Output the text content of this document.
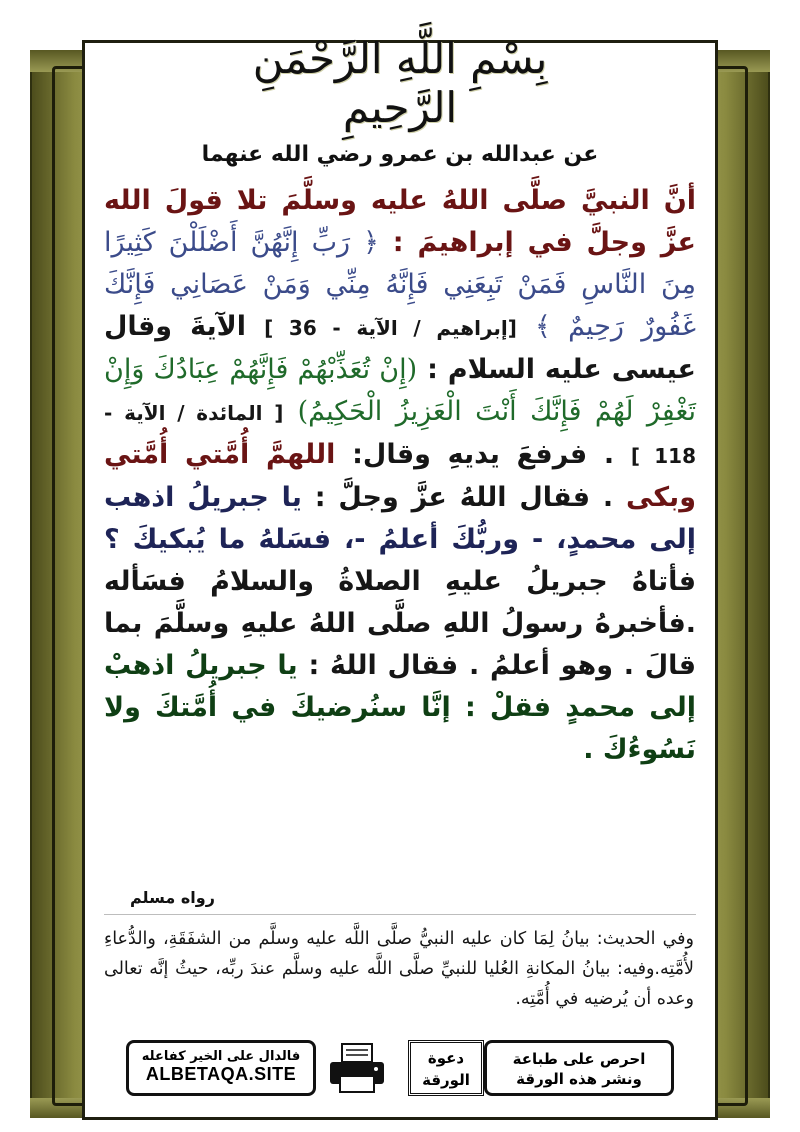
بِسْمِ اللَّهِ الرَّحْمَنِ الرَّحِيمِ
عن عبدالله بن عمرو رضي الله عنهما
أنَّ النبيَّ صلَّى اللهُ عليه وسلَّمَ تلا قولَ الله عزَّ وجلَّ في إبراهيمَ : ﴿ رَبِّ إِنَّهُنَّ أَضْلَلْنَ كَثِيرًا مِنَ النَّاسِ فَمَنْ تَبِعَنِي فَإِنَّهُ مِنِّي وَمَنْ عَصَانِي فَإِنَّكَ غَفُورٌ رَحِيمٌ ﴾ [إبراهيم / الآية - 36 ] الآيةَ وقال عيسى عليه السلام : (إِنْ تُعَذِّبْهُمْ فَإِنَّهُمْ عِبَادُكَ وَإِنْ تَغْفِرْ لَهُمْ فَإِنَّكَ أَنْتَ الْعَزِيزُ الْحَكِيمُ) [ المائدة / الآية - 118 ] . فرفعَ يديهِ وقال: اللهمَّ أُمَّتي أُمَّتي وبكى . فقال اللهُ عزَّ وجلَّ : يا جبريلُ اذهب إلى محمدٍ، - وربُّكَ أعلمُ -، فسَلهُ ما يُبكيكَ ؟ فأتاهُ جبريلُ عليهِ الصلاةُ والسلامُ فسَأله .فأخبرهُ رسولُ اللهِ صلَّى اللهُ عليهِ وسلَّمَ بما قالَ . وهو أعلمُ . فقال اللهُ : يا جبريلُ اذهبْ إلى محمدٍ فقلْ : إنَّا سنُرضيكَ في أُمَّتكَ ولا نَسُوءُكَ .
رواه مسلم
وفي الحديث: بيانُ لِمَا كان عليه النبيُّ صلَّى اللَّه عليه وسلَّم من الشفَقَةِ، والدُّعاءِ لأُمَّتِه.وفيه: بيانُ المكانةِ العُليا للنبيِّ صلَّى اللَّه عليه وسلَّم عندَ ربِّه، حيثُ إنَّه تعالى وعده أن يُرضيه في أُمَّتِه.
فالدال على الخير كفاعله
ALBETAQA.SITE
دعوة الورقة
احرص على طباعة
ونشر هذه الورقة
